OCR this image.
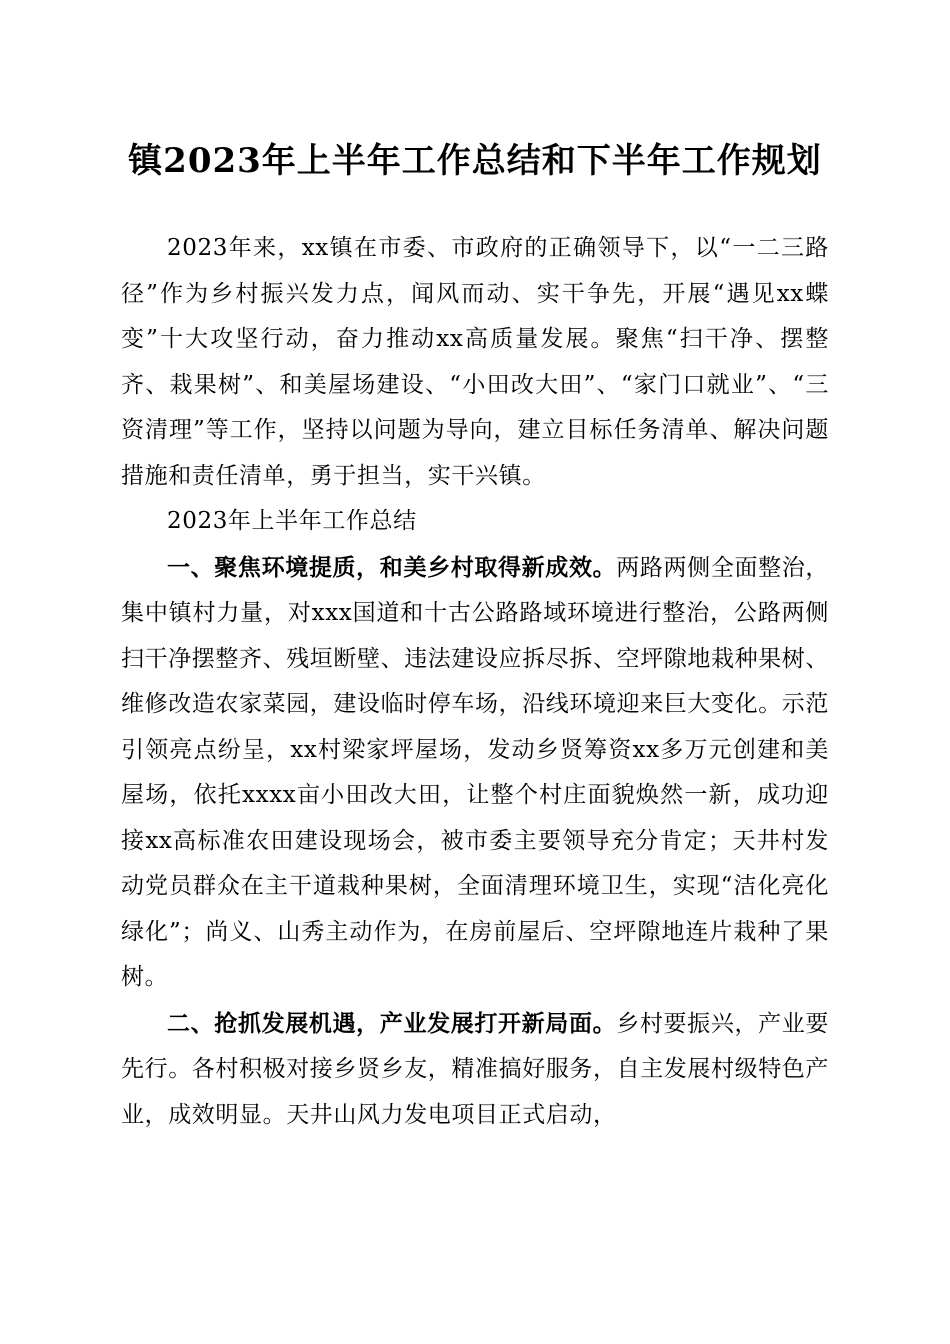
镇2023年上半年工作总结和下半年工作规划

2023年来，xx镇在市委、市政府的正确领导下，以“一二三路径”作为乡村振兴发力点，闻风而动、实干争先，开展“遇见xx蝶变”十大攻坚行动，奋力推动xx高质量发展。聚焦“扫干净、摆整齐、栽果树”、和美屋场建设、“小田改大田”、“家门口就业”、“三资清理”等工作，坚持以问题为导向，建立目标任务清单、解决问题措施和责任清单，勇于担当，实干兴镇。

2023年上半年工作总结

一、聚焦环境提质，和美乡村取得新成效。两路两侧全面整治，集中镇村力量，对xxx国道和十古公路路域环境进行整治，公路两侧扫干净摆整齐、残垣断壁、违法建设应拆尽拆、空坪隙地栽种果树、维修改造农家菜园，建设临时停车场，沿线环境迎来巨大变化。示范引领亮点纷呈，xx村梁家坪屋场，发动乡贤筹资xx多万元创建和美屋场，依托xxxx亩小田改大田，让整个村庄面貌焕然一新，成功迎接xx高标准农田建设现场会，被市委主要领导充分肯定；天井村发动党员群众在主干道栽种果树，全面清理环境卫生，实现“洁化亮化绿化”；尚义、山秀主动作为，在房前屋后、空坪隙地连片栽种了果树。

二、抢抓发展机遇，产业发展打开新局面。乡村要振兴，产业要先行。各村积极对接乡贤乡友，精准搞好服务，自主发展村级特色产业，成效明显。天井山风力发电项目正式启动，
